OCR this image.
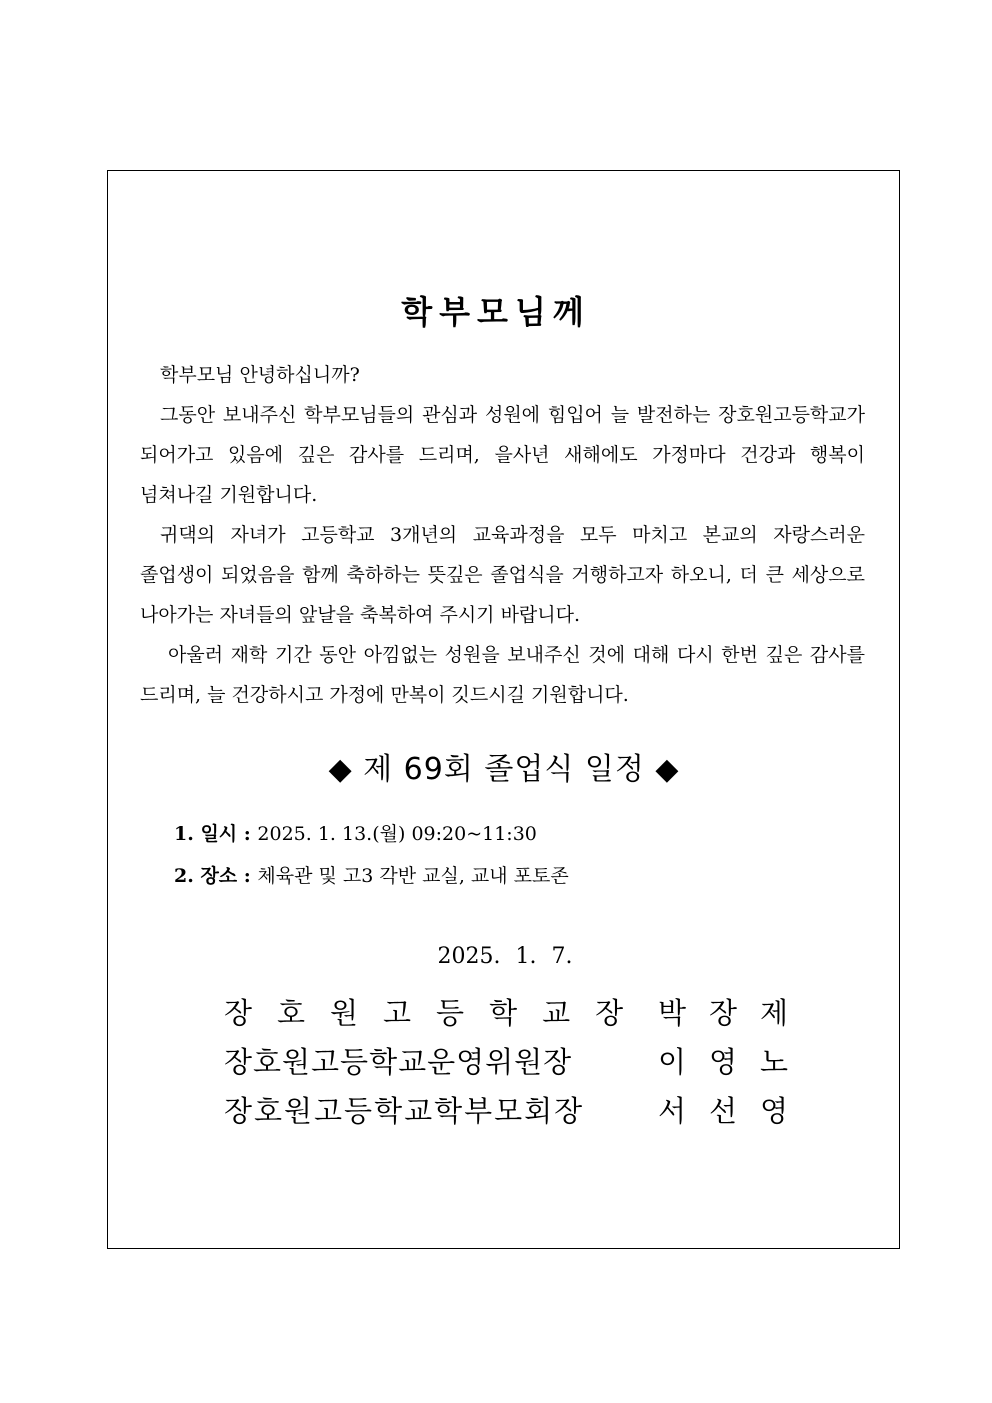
학부모님께
학부모님 안녕하십니까?
그동안 보내주신 학부모님들의 관심과 성원에 힘입어 늘 발전하는 장호원고등학교가 되어가고 있음에 깊은 감사를 드리며, 을사년 새해에도 가정마다 건강과 행복이 넘쳐나길 기원합니다.
귀댁의 자녀가 고등학교 3개년의 교육과정을 모두 마치고 본교의 자랑스러운 졸업생이 되었음을 함께 축하하는 뜻깊은 졸업식을 거행하고자 하오니, 더 큰 세상으로 나아가는 자녀들의 앞날을 축복하여 주시기 바랍니다.
아울러 재학 기간 동안 아낌없는 성원을 보내주신 것에 대해 다시 한번 깊은 감사를 드리며, 늘 건강하시고 가정에 만복이 깃드시길 기원합니다.
◆ 제 69회 졸업식 일정 ◆
1. 일시 : 2025. 1. 13.(월) 09:20~11:30
2. 장소 : 체육관 및 고3 각반 교실, 교내 포토존
2025. 1. 7.
장호원고등학교장 박장제
장호원고등학교운영위원장	이영노
장호원고등학교학부모회장	서선영
